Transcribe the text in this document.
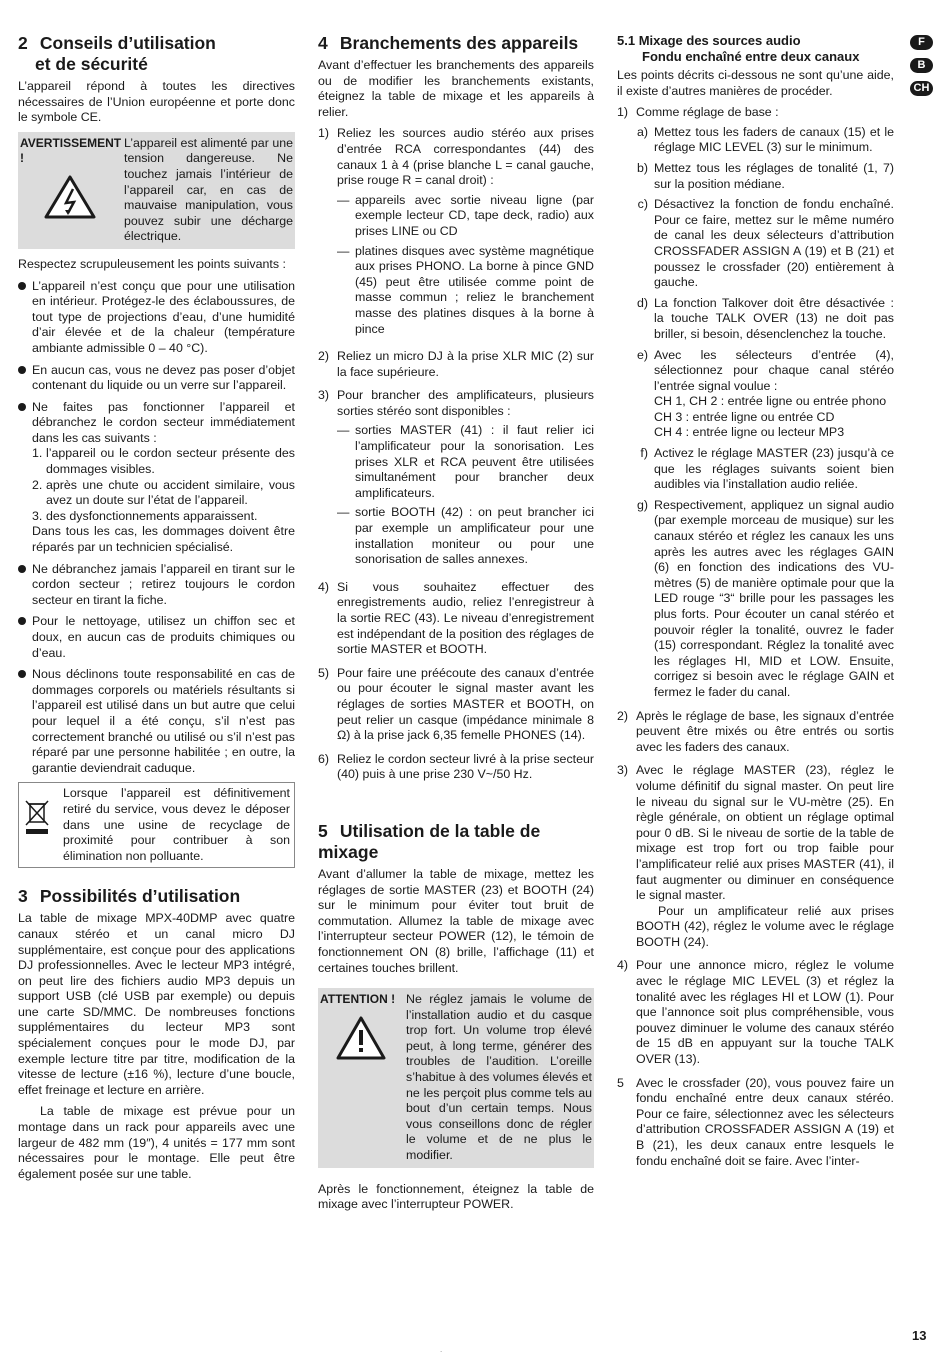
F
B
CH
2 Conseils d’utilisation
et de sécurité

L’appareil répond à toutes les directives nécessaires de l’Union européenne et porte donc le symbole CE.

AVERTISSEMENT !
L’appareil est alimenté par une tension dangereuse. Ne touchez jamais l’intérieur de l’appareil car, en cas de mauvaise manipulation, vous pouvez subir une décharge électrique.

Respectez scrupuleusement les points suivants :

L’appareil n’est conçu que pour une utilisation en intérieur. Protégez-le des éclaboussures, de tout type de projections d’eau, d’une humidité d’air élevée et de la chaleur (température ambiante admissible 0 – 40 °C).
En aucun cas, vous ne devez pas poser d’objet contenant du liquide ou un verre sur l’appareil.
Ne faites pas fonctionner l’appareil et débranchez le cordon secteur immédiatement dans les cas suivants :
1. l’appareil ou le cordon secteur présente des dommages visibles.
2. après une chute ou accident similaire, vous avez un doute sur l’état de l’appareil.
3. des dysfonctionnements apparaissent.
Dans tous les cas, les dommages doivent être réparés par un technicien spécialisé.
Ne débranchez jamais l’appareil en tirant sur le cordon secteur ; retirez toujours le cordon secteur en tirant la fiche.
Pour le nettoyage, utilisez un chiffon sec et doux, en aucun cas de produits chimiques ou d’eau.
Nous déclinons toute responsabilité en cas de dommages corporels ou matériels résultants si l’appareil est utilisé dans un but autre que celui pour lequel il a été conçu, s’il n’est pas correctement branché ou utilisé ou s’il n’est pas réparé par une personne habilitée ; en outre, la garantie deviendrait caduque.
Lorsque l’appareil est définitivement retiré du service, vous devez le déposer dans une usine de recyclage de proximité pour contribuer à son élimination non polluante.
3 Possibilités d’utilisation

La table de mixage MPX-40DMP avec quatre canaux stéréo et un canal micro DJ supplémentaire, est conçue pour des applications DJ professionnelles. Avec le lecteur MP3 intégré, on peut lire des fichiers audio MP3 depuis un support USB (clé USB par exemple) ou depuis une carte SD/MMC. De nombreuses fonctions supplémentaires du lecteur MP3 sont spécialement conçues pour le mode DJ, par exemple lecture titre par titre, modification de la vitesse de lecture (±16 %), lecture d’une boucle, effet freinage et lecture en arrière.

La table de mixage est prévue pour un montage dans un rack pour appareils avec une largeur de 482 mm (19″), 4 unités = 177 mm sont nécessaires pour le montage. Elle peut être également posée sur une table.

4 Branchements des appareils

Avant d’effectuer les branchements des appareils ou de modifier les branchements existants, éteignez la table de mixage et les appareils à relier.

1) Reliez les sources audio stéréo aux prises d’entrée RCA correspondantes (44) des canaux 1 à 4 (prise blanche L = canal gauche, prise rouge R = canal droit) :
— appareils avec sortie niveau ligne (par exemple lecteur CD, tape deck, radio) aux prises LINE ou CD
— platines disques avec système magnétique aux prises PHONO. La borne à pince GND (45) peut être utilisée comme point de masse commun ; reliez le branchement masse des platines disques à la borne à pince
2) Reliez un micro DJ à la prise XLR MIC (2) sur la face supérieure.
3) Pour brancher des amplificateurs, plusieurs sorties stéréo sont disponibles :
— sorties MASTER (41) : il faut relier ici l’amplificateur pour la sonorisation. Les prises XLR et RCA peuvent être utilisées simultanément pour brancher deux amplificateurs.
— sortie BOOTH (42) : on peut brancher ici par exemple un amplificateur pour une installation moniteur ou pour une sonorisation de salles annexes.
4) Si vous souhaitez effectuer des enregistrements audio, reliez l’enregistreur à la sortie REC (43). Le niveau d’enregistrement est indépendant de la position des réglages de sortie MASTER et BOOTH.
5) Pour faire une préécoute des canaux d’entrée ou pour écouter le signal master avant les réglages de sorties MASTER et BOOTH, on peut relier un casque (impédance minimale 8 Ω) à la prise jack 6,35 femelle PHONES (14).
6) Reliez le cordon secteur livré à la prise secteur (40) puis à une prise 230 V~/50 Hz.
5 Utilisation de la table de mixage

Avant d’allumer la table de mixage, mettez les réglages de sortie MASTER (23) et BOOTH (24) sur le minimum pour éviter tout bruit de commutation. Allumez la table de mixage avec l’interrupteur secteur POWER (12), le témoin de fonctionnement ON (8) brille, l’affichage (11) et certaines touches brillent.

ATTENTION ! Ne réglez jamais le volume de l’installation audio et du casque trop fort. Un volume trop élevé peut, à long terme, générer des troubles de l’audition. L’oreille s’habitue à des volumes élevés et ne les perçoit plus comme tels au bout d’un certain temps. Nous vous conseillons donc de régler le volume et de ne plus le modifier.

Après le fonctionnement, éteignez la table de mixage avec l’interrupteur POWER.

5.1 Mixage des sources audio
Fondu enchaîné entre deux canaux

Les points décrits ci-dessous ne sont qu’une aide, il existe d’autres manières de procéder.

1) Comme réglage de base :
a) Mettez tous les faders de canaux (15) et le réglage MIC LEVEL (3) sur le minimum.
b) Mettez tous les réglages de tonalité (1, 7) sur la position médiane.
c) Désactivez la fonction de fondu enchaîné. Pour ce faire, mettez sur le même numéro de canal les deux sélecteurs d’attribution CROSSFADER ASSIGN A (19) et B (21) et poussez le crossfader (20) entièrement à gauche.
d) La fonction Talkover doit être désactivée : la touche TALK OVER (13) ne doit pas briller, si besoin, désenclenchez la touche.
e) Avec les sélecteurs d’entrée (4), sélectionnez pour chaque canal stéréo l’entrée signal voulue :
CH 1, CH 2 : entrée ligne ou entrée phono
CH 3 : entrée ligne ou entrée CD
CH 4 : entrée ligne ou lecteur MP3
f) Activez le réglage MASTER (23) jusqu’à ce que les réglages suivants soient bien audibles via l’installation audio reliée.
g) Respectivement, appliquez un signal audio (par exemple morceau de musique) sur les canaux stéréo et réglez les canaux les uns après les autres avec les réglages GAIN (6) en fonction des indications des VU-mètres (5) de manière optimale pour que la LED rouge “3“ brille pour les passages les plus forts. Pour écouter un canal stéréo et pouvoir régler la tonalité, ouvrez le fader (15) correspondant. Réglez la tonalité avec les réglages HI, MID et LOW. Ensuite, corrigez si besoin avec le réglage GAIN et fermez le fader du canal.
2) Après le réglage de base, les signaux d’entrée peuvent être mixés ou être entrés ou sortis avec les faders des canaux.
3) Avec le réglage MASTER (23), réglez le volume définitif du signal master. On peut lire le niveau du signal sur le VU-mètre (25). En règle générale, on obtient un réglage optimal pour 0 dB. Si le niveau de sortie de la table de mixage est trop fort ou trop faible pour l’amplificateur relié aux prises MASTER (41), il faut augmenter ou diminuer en conséquence le signal master.
Pour un amplificateur relié aux prises BOOTH (42), réglez le volume avec le réglage BOOTH (24).
4) Pour une annonce micro, réglez le volume avec le réglage MIC LEVEL (3) et réglez la tonalité avec les réglages HI et LOW (1). Pour que l’annonce soit plus compréhensible, vous pouvez diminuer le volume des canaux stéréo de 15 dB en appuyant sur la touche TALK OVER (13).
5 Avec le crossfader (20), vous pouvez faire un fondu enchaîné entre deux canaux stéréo. Pour ce faire, sélectionnez avec les sélecteurs d’attribution CROSSFADER ASSIGN A (19) et B (21), les deux canaux entre lesquels le fondu enchaîné doit se faire. Avec l’inter-
13
.
